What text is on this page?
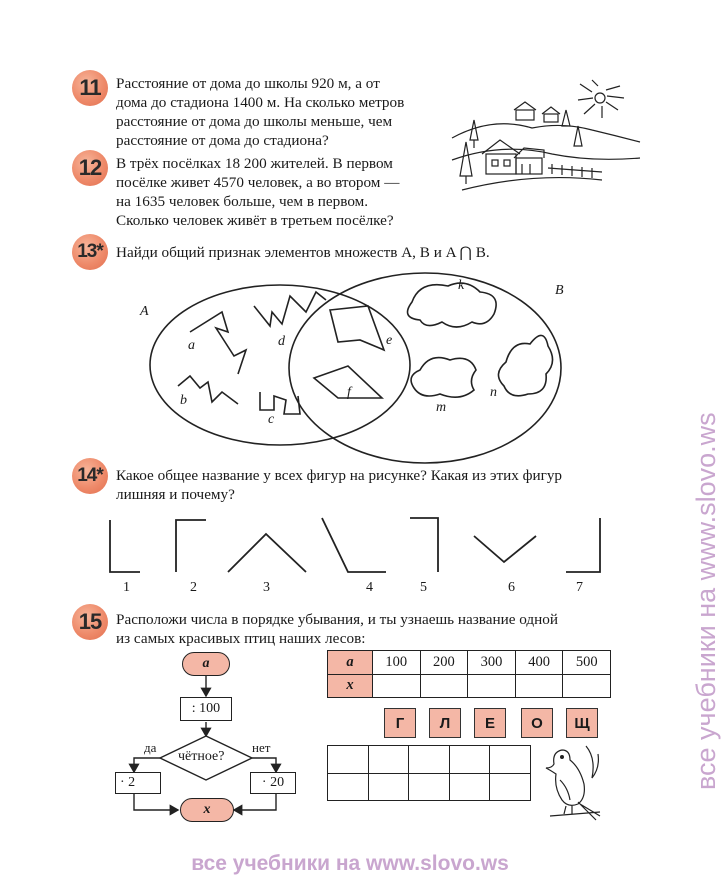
11	Расстояние от дома до школы 920 м, а от

дома до стадиона 1400 м. На сколько метров

расстояние от дома до школы меньше, чем

расстояние от дома до стадиона?

12 В трёх посёлках 18 200 жителей. В первом

посёлке живет 4570 человек, а во втором —

на 1635 человек больше, чем в первом.

Сколько человек живёт в третьем посёлке?

13* Найди общий признак элементов множеств A, B и A ⋂ B.
A
B
a
b
c
d	e
f
k
m
n
14* Какое общее название у всех фигур на рисунке? Какая из этих фигур

лишняя и почему?

1	2	3	4	5	6	7
15 Расположи числа в порядке убывания, и ты узнаешь название одной

из самых красивых птиц наших лесов:

a
: 100
чётное?
да	нет
· 2	· 20
x
a	100	200	300	400	500
x					
Г	Л	Е	О	Щ

все учебники на www.slovo.ws
все учебники на www.slovo.ws
